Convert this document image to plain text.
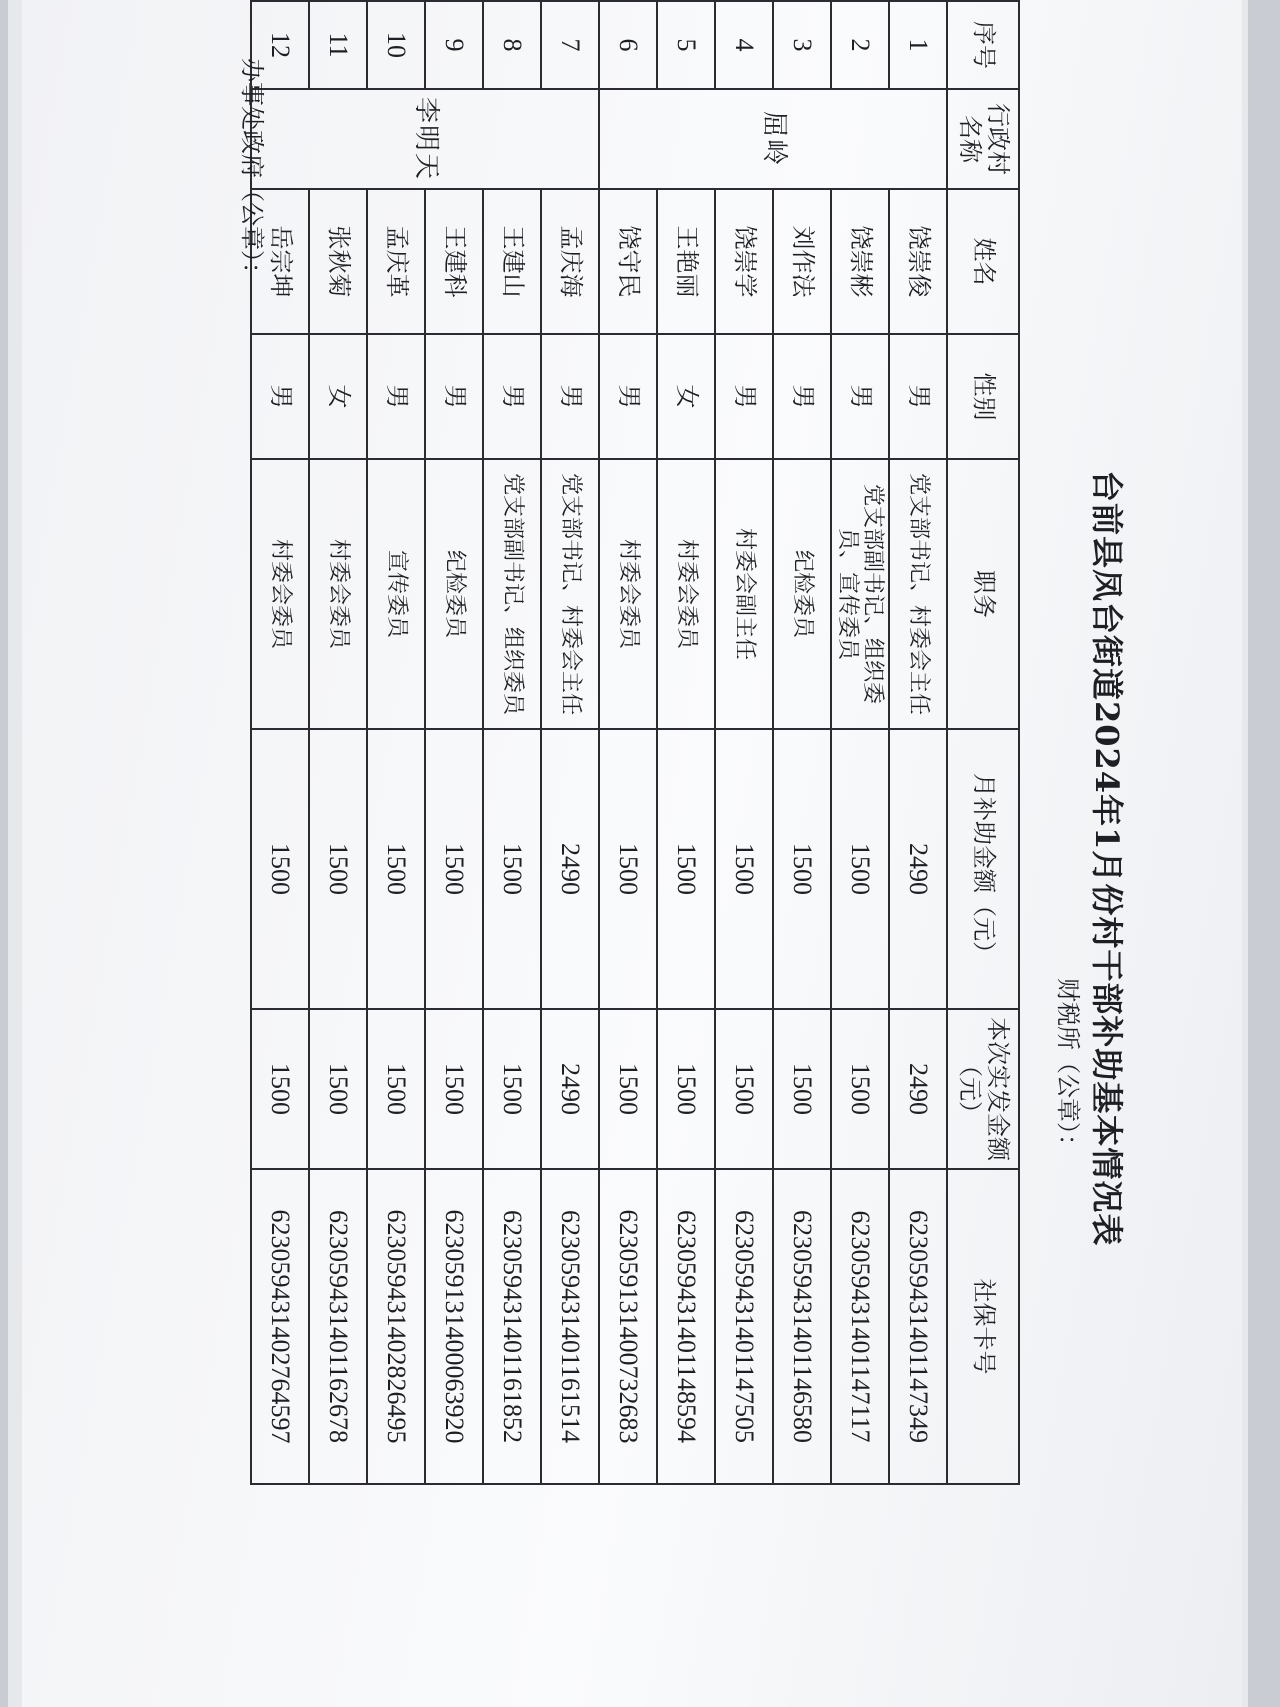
台前县凤台街道2024年1月份村干部补助基本情况表
财税所（公章）：
序号	行政村名称	姓名	性别	职务	月补助金额（元）	本次实发金额（元）	社保卡号
1	屈岭	饶崇俊	男	党支部书记、村委会主任	2490	2490	6230594314011473​49
2		饶崇彬	男	党支部副书记、组织委员、宣传委员	1500	1500	6230594314011471​17
3		刘作法	男	纪检委员	1500	1500	6230594314011465​80
4		饶崇学	男	村委会副主任	1500	1500	6230594314011475​05
5		王艳丽	女	村委会委员	1500	1500	6230594314011485​94
6		饶守民	男	村委会委员	1500	1500	6230591314007326​83
7	李明天	孟庆海	男	党支部书记、村委会主任	2490	2490	6230594314011615​14
8		王建山	男	党支部副书记、组织委员	1500	1500	6230594314011618​52
9		王建科	男	纪检委员	1500	1500	6230591314000639​20
10		孟庆革	男	宣传委员	1500	1500	6230594314028264​95
11		张秋菊	女	村委会委员	1500	1500	6230594314011626​78
12		岳宗坤	男	村委会委员	1500	1500	6230594314027645​97
办事处政府（公章）：
